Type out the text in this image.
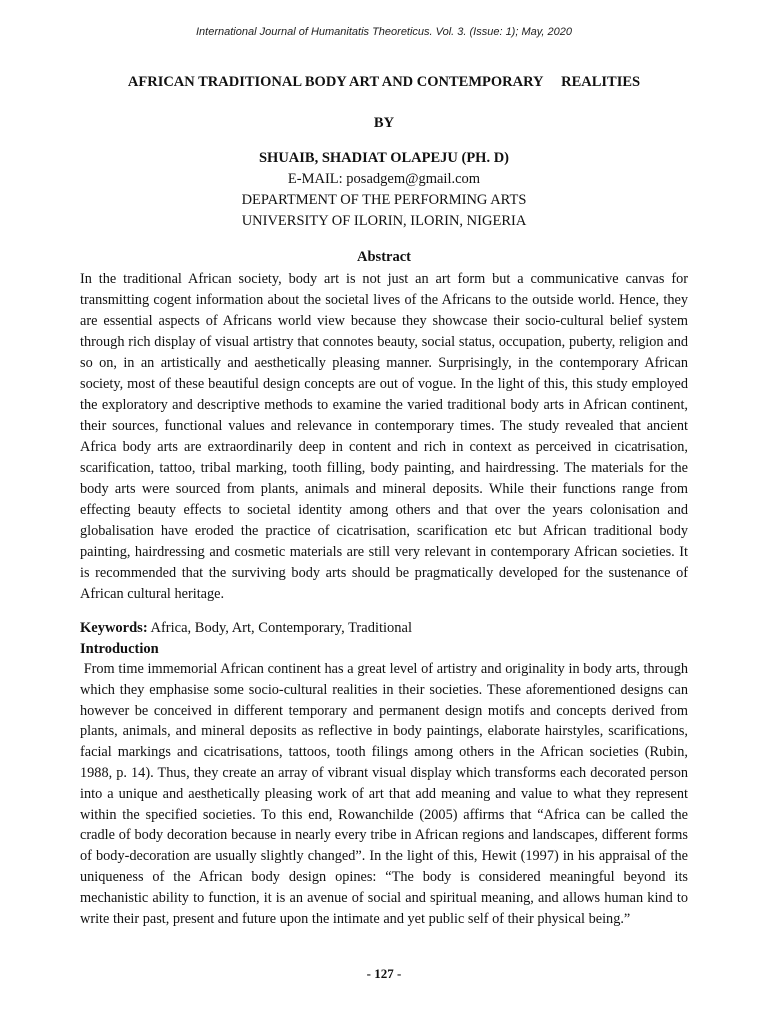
International Journal of Humanitatis Theoreticus. Vol. 3. (Issue: 1); May, 2020
AFRICAN TRADITIONAL BODY ART AND CONTEMPORARY     REALITIES
BY
SHUAIB, SHADIAT OLAPEJU (PH. D)
E-MAIL: posadgem@gmail.com
DEPARTMENT OF THE PERFORMING ARTS
UNIVERSITY OF ILORIN, ILORIN, NIGERIA
Abstract
In the traditional African society, body art is not just an art form but a communicative canvas for transmitting cogent information about the societal lives of the Africans to the outside world. Hence, they are essential aspects of Africans world view because they showcase their socio-cultural belief system through rich display of visual artistry that connotes beauty, social status, occupation, puberty, religion and so on, in an artistically and aesthetically pleasing manner. Surprisingly, in the contemporary African society, most of these beautiful design concepts are out of vogue. In the light of this, this study employed the exploratory and descriptive methods to examine the varied traditional body arts in African continent, their sources, functional values and relevance in contemporary times. The study revealed that ancient Africa body arts are extraordinarily deep in content and rich in context as perceived in cicatrisation, scarification, tattoo, tribal marking, tooth filling, body painting, and hairdressing. The materials for the body arts were sourced from plants, animals and mineral deposits. While their functions range from effecting beauty effects to societal identity among others and that over the years colonisation and globalisation have eroded the practice of cicatrisation, scarification etc but African traditional body painting, hairdressing and cosmetic materials are still very relevant in contemporary African societies. It is recommended that the surviving body arts should be pragmatically developed for the sustenance of African cultural heritage.
Keywords: Africa, Body, Art, Contemporary, Traditional
Introduction
From time immemorial African continent has a great level of artistry and originality in body arts, through which they emphasise some socio-cultural realities in their societies. These aforementioned designs can however be conceived in different temporary and permanent design motifs and concepts derived from plants, animals, and mineral deposits as reflective in body paintings, elaborate hairstyles, scarifications, facial markings and cicatrisations, tattoos, tooth filings among others in the African societies (Rubin, 1988, p. 14). Thus, they create an array of vibrant visual display which transforms each decorated person into a unique and aesthetically pleasing work of art that add meaning and value to what they represent within the specified societies. To this end, Rowanchilde (2005) affirms that “Africa can be called the cradle of body decoration because in nearly every tribe in African regions and landscapes, different forms of body-decoration are usually slightly changed”. In the light of this, Hewit (1997) in his appraisal of the uniqueness of the African body design opines: “The body is considered meaningful beyond its mechanistic ability to function, it is an avenue of social and spiritual meaning, and allows human kind to write their past, present and future upon the intimate and yet public self of their physical being.”
- 127 -
